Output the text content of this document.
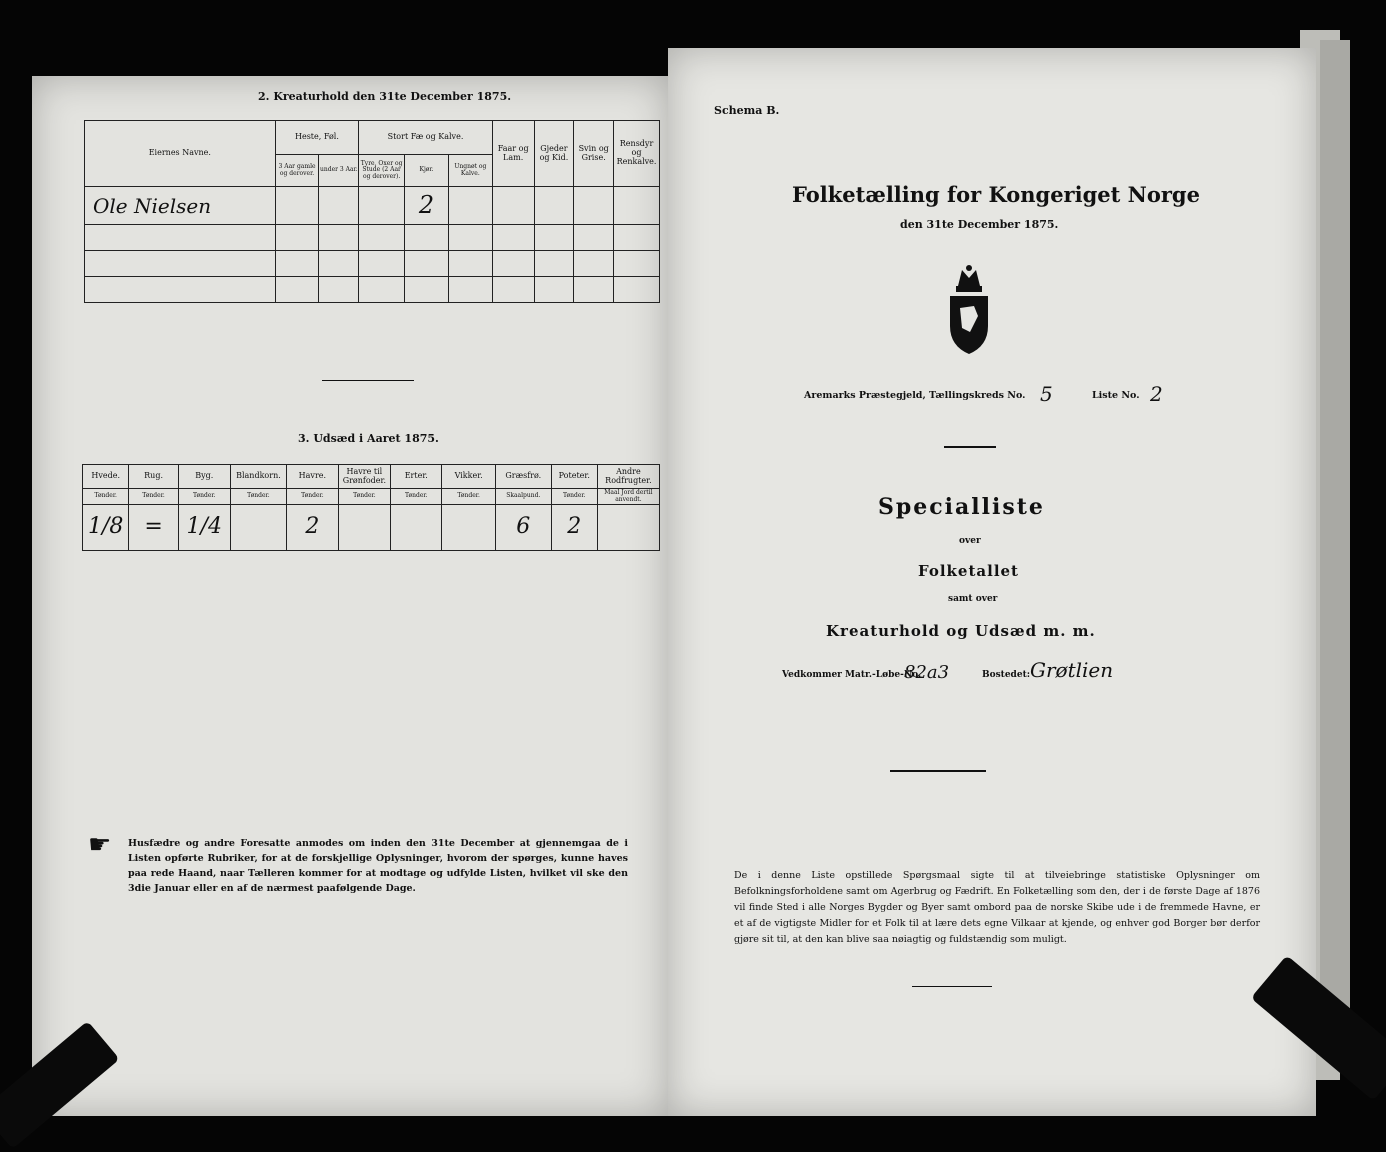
2. Kreaturhold den 31te December 1875.
Eiernes Navne.	Heste, Føl.		Stort Fæ og Kalve.			Faar og Lam.	Gjeder og Kid.	Svin og Grise.	Rensdyr og Renkalve.
	3 Aar gamle og derover.	under 3 Aar.	Tyre, Oxer og Stude (2 Aar og derover).	Kjør.	Ungnøt og Kalve.				
Ole Nielsen				2					

3. Udsæd i Aaret 1875.
Hvede.	Rug.	Byg.	Blandkorn.	Havre.	Havre til Grønfoder.	Erter.	Vikker.	Græsfrø.	Poteter.	Andre Rodfrugter.
Tønder.	Tønder.	Tønder.	Tønder.	Tønder.	Tønder.	Tønder.	Tønder.	Skaalpund.	Tønder.	Maal Jord dertil anvendt.
1/8	=	1/4		2				6	2	
☛ Husfædre og andre Foresatte anmodes om inden den 31te December at gjennemgaa de i Listen opførte Rubriker, for at de forskjellige Oplysninger, hvorom der spørges, kunne haves paa rede Haand, naar Tælleren kommer for at modtage og udfylde Listen, hvilket vil ske den 3die Januar eller en af de nærmest paafølgende Dage.
Schema B.
Folketælling for Kongeriget Norge
den 31te December 1875.
Aremarks Præstegjeld, Tællingskreds No. 5	Liste No. 2
Specialliste
over
Folketallet
samt over
Kreaturhold og Udsæd m. m.
Vedkommer Matr.-Løbe-No.
82a3	Bostedet: Grøtlien
De i denne Liste opstillede Spørgsmaal sigte til at tilveiebringe statistiske Oplysninger om Befolkningsforholdene samt om Agerbrug og Fædrift. En Folketælling som den, der i de første Dage af 1876 vil finde Sted i alle Norges Bygder og Byer samt ombord paa de norske Skibe ude i de fremmede Havne, er et af de vigtigste Midler for et Folk til at lære dets egne Vilkaar at kjende, og enhver god Borger bør derfor gjøre sit til, at den kan blive saa nøiagtig og fuldstændig som muligt.
